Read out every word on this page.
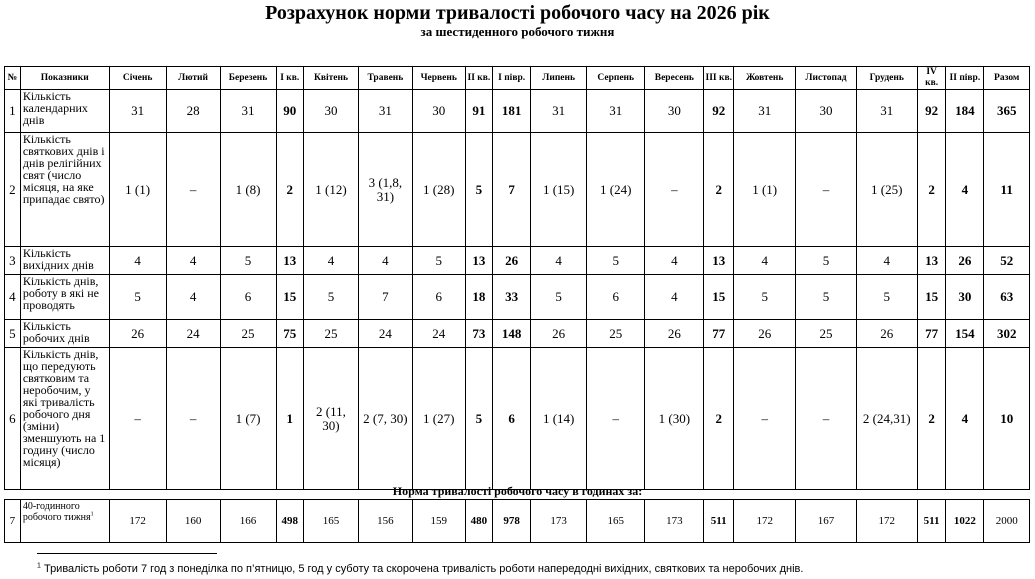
Розрахунок норми тривалості робочого часу на 2026 рік
за шестиденного робочого тижня
№	Показники	Січень	Лютий	Березень	I кв.	Квітень	Травень	Червень	II кв.	I півр.	Липень	Серпень	Вересень	III кв.	Жовтень	Листопад	Грудень	IV кв.	II півр.	Разом
1	Кількість календарних днів	31	28	31	90	30	31	30	91	181	31	31	30	92	31	30	31	92	184	365
2	Кількість святкових днів і днів релігійних свят (число місяця, на яке припадає свято)	1 (1)	–	1 (8)	2	1 (12)	3 (1,8, 31)	1 (28)	5	7	1 (15)	1 (24)	–	2	1 (1)	–	1 (25)	2	4	11
3	Кількість вихідних днів	4	4	5	13	4	4	5	13	26	4	5	4	13	4	5	4	13	26	52
4	Кількість днів, роботу в які не проводять	5	4	6	15	5	7	6	18	33	5	6	4	15	5	5	5	15	30	63
5	Кількість робочих днів	26	24	25	75	25	24	24	73	148	26	25	26	77	26	25	26	77	154	302
6	Кількість днів, що передують святковим та неробочим, у які тривалість робочого дня (зміни) зменшують на 1 годину (число місяця)	–	–	1 (7)	1	2 (11, 30)	2 (7, 30)	1 (27)	5	6	1 (14)	–	1 (30)	2	–	–	2 (24,31)	2	4	10
Норма тривалості робочого часу в годинах за:
7	40-годинного робочого тижня$^1$	172	160	166	498	165	156	159	480	978	173	165	173	511	172	167	172	511	1022	2000
$^1$ Тривалість роботи 7 год з понеділка по п’ятницю, 5 год у суботу та скорочена тривалість роботи напередодні вихідних, святкових та неробочих днів.
